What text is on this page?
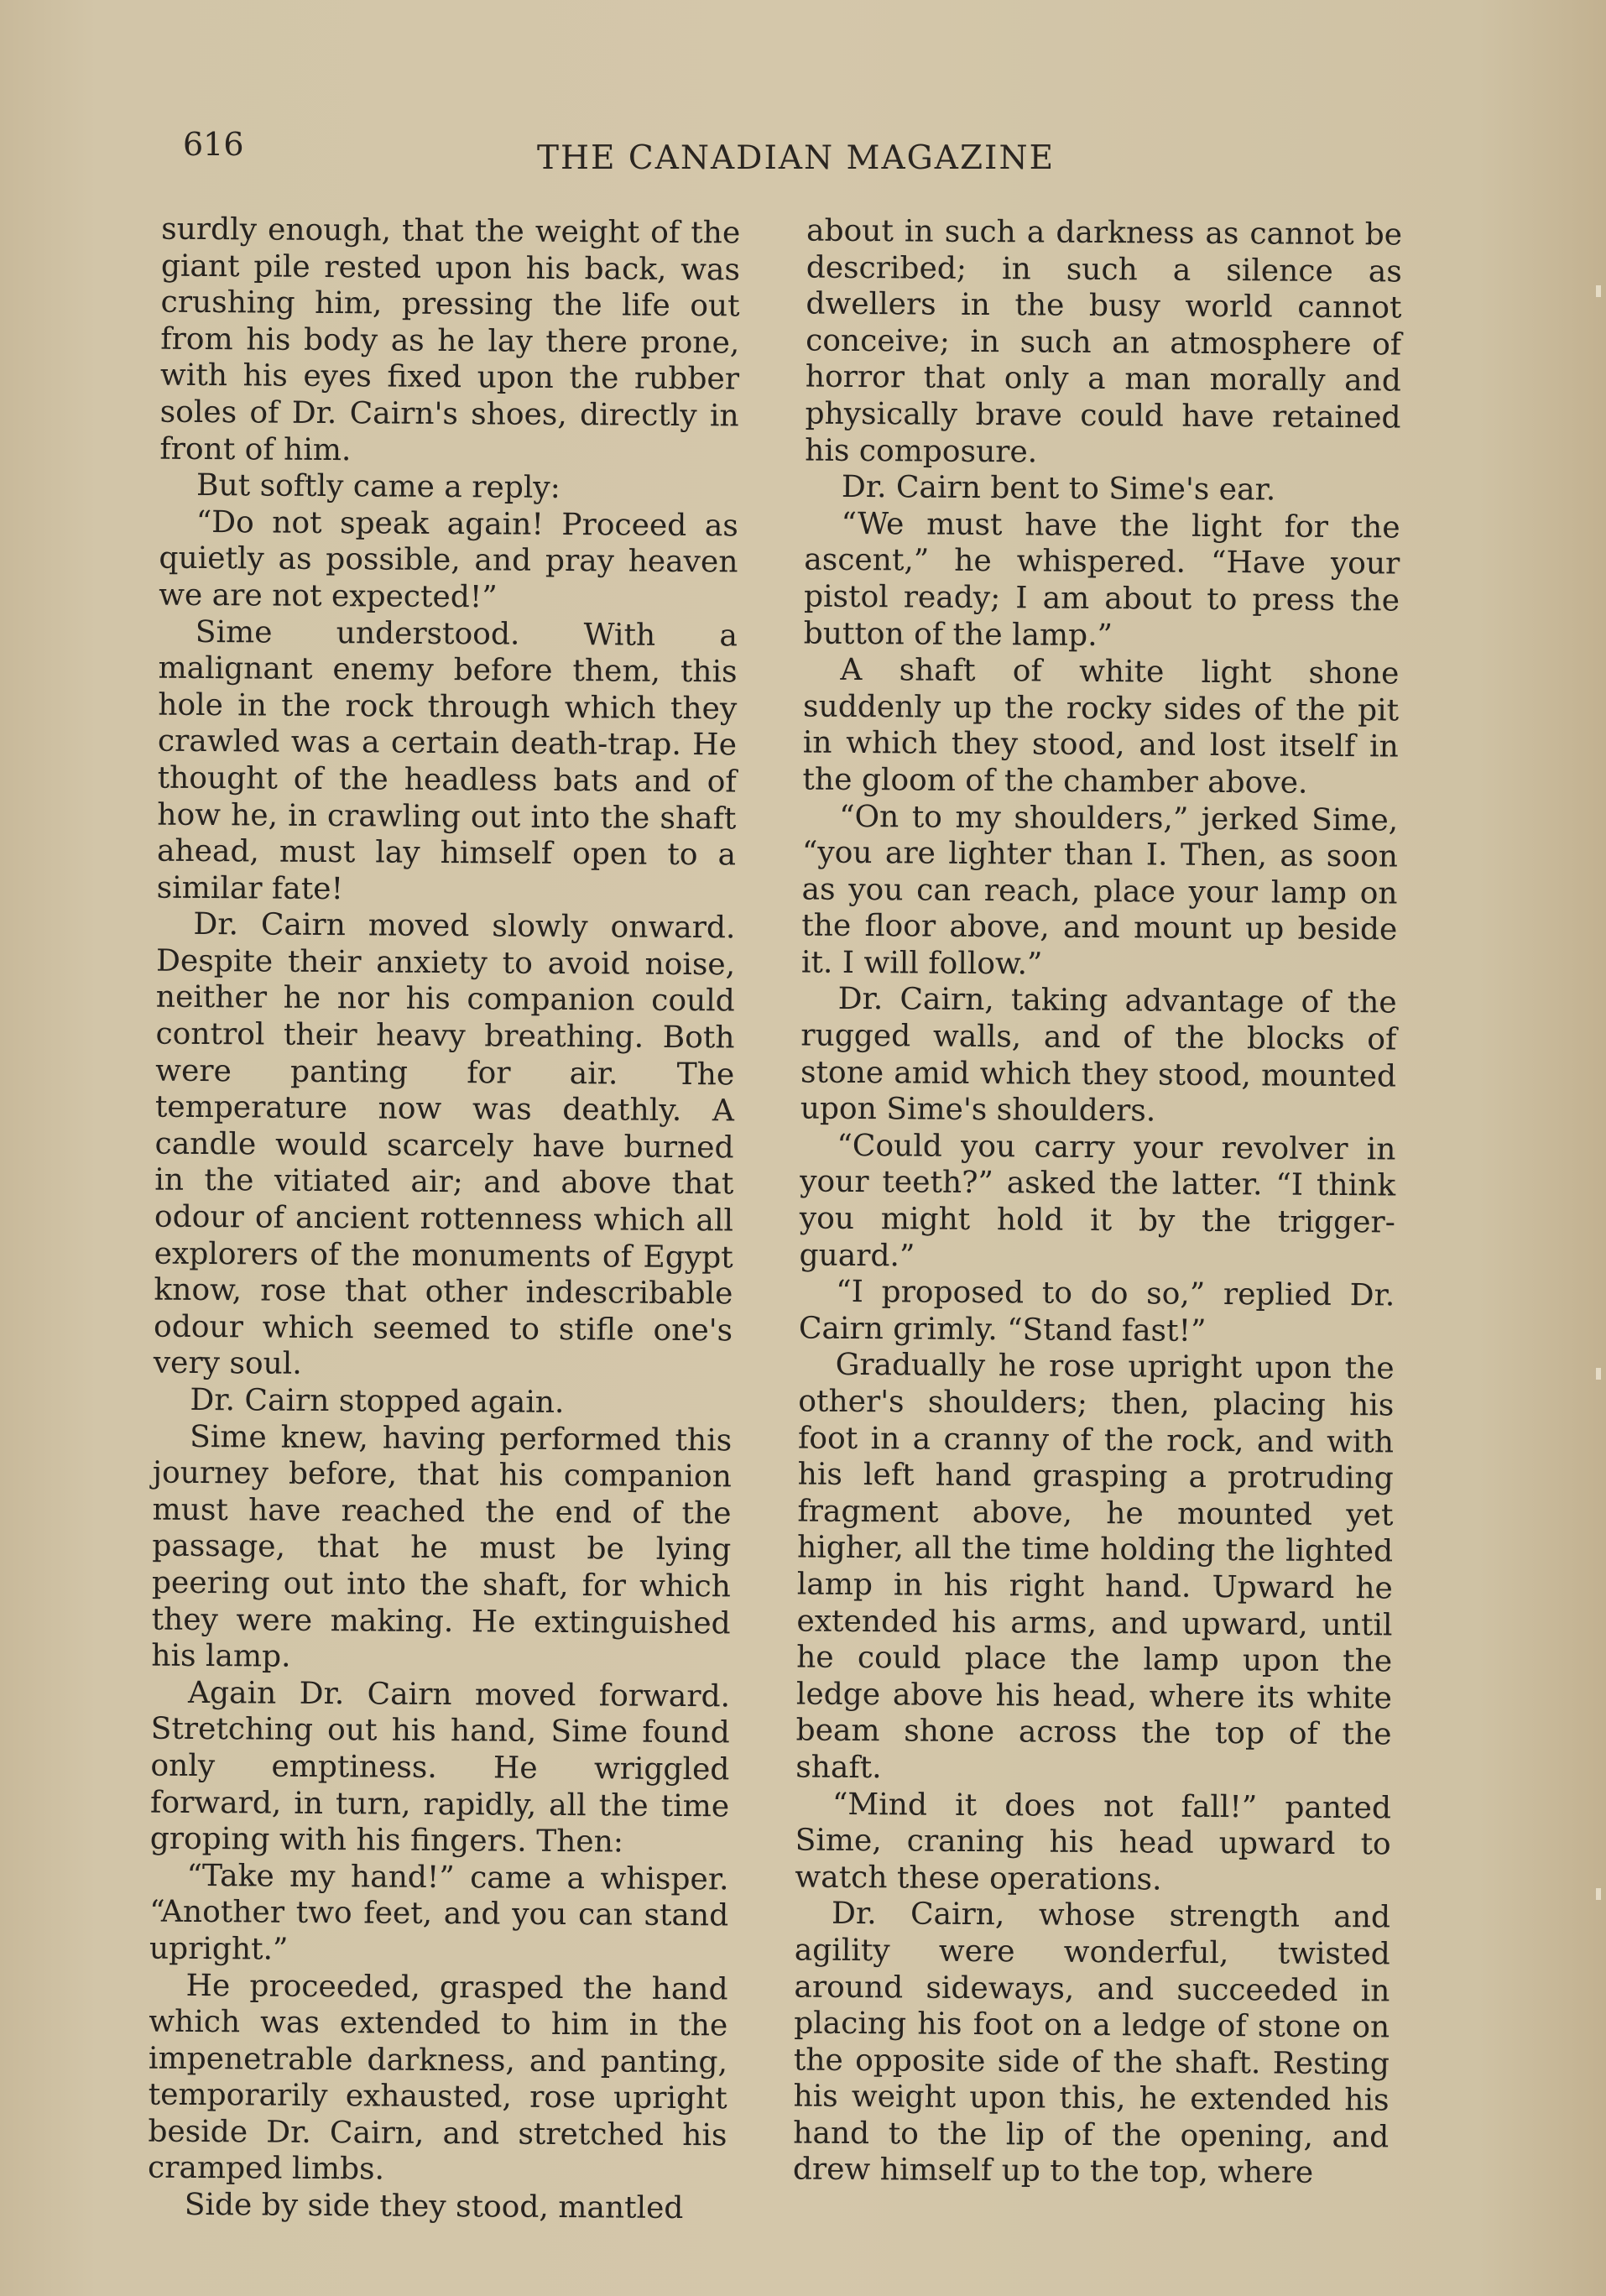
616	THE CANADIAN MAGAZINE

surdly enough, that the weight of the giant pile rested upon his back, was crushing him, pressing the life out from his body as he lay there prone, with his eyes fixed upon the rubber soles of Dr. Cairn's shoes, directly in front of him.

But softly came a reply:

“Do not speak again! Proceed as quietly as possible, and pray heaven we are not expected!”

Sime understood. With a malignant enemy before them, this hole in the rock through which they crawled was a certain death-trap. He thought of the headless bats and of how he, in crawling out into the shaft ahead, must lay himself open to a similar fate!

Dr. Cairn moved slowly onward. Despite their anxiety to avoid noise, neither he nor his companion could control their heavy breathing. Both were panting for air. The temperature now was deathly. A candle would scarcely have burned in the vitiated air; and above that odour of ancient rottenness which all explorers of the monuments of Egypt know, rose that other indescribable odour which seemed to stifle one's very soul.

Dr. Cairn stopped again.

Sime knew, having performed this journey before, that his companion must have reached the end of the passage, that he must be lying peering out into the shaft, for which they were making. He extinguished his lamp.

Again Dr. Cairn moved forward. Stretching out his hand, Sime found only emptiness. He wriggled forward, in turn, rapidly, all the time groping with his fingers. Then:

“Take my hand!” came a whisper. “Another two feet, and you can stand upright.”

He proceeded, grasped the hand which was extended to him in the impenetrable darkness, and panting, temporarily exhausted, rose upright beside Dr. Cairn, and stretched his cramped limbs.

Side by side they stood, mantled

about in such a darkness as cannot be described; in such a silence as dwellers in the busy world cannot conceive; in such an atmosphere of horror that only a man morally and physically brave could have retained his composure.

Dr. Cairn bent to Sime's ear.

“We must have the light for the ascent,” he whispered. “Have your pistol ready; I am about to press the button of the lamp.”

A shaft of white light shone suddenly up the rocky sides of the pit in which they stood, and lost itself in the gloom of the chamber above.

“On to my shoulders,” jerked Sime, “you are lighter than I. Then, as soon as you can reach, place your lamp on the floor above, and mount up beside it. I will follow.”

Dr. Cairn, taking advantage of the rugged walls, and of the blocks of stone amid which they stood, mounted upon Sime's shoulders.

“Could you carry your revolver in your teeth?” asked the latter. “I think you might hold it by the trigger-guard.”

“I proposed to do so,” replied Dr. Cairn grimly. “Stand fast!”

Gradually he rose upright upon the other's shoulders; then, placing his foot in a cranny of the rock, and with his left hand grasping a protruding fragment above, he mounted yet higher, all the time holding the lighted lamp in his right hand. Upward he extended his arms, and upward, until he could place the lamp upon the ledge above his head, where its white beam shone across the top of the shaft.

“Mind it does not fall!” panted Sime, craning his head upward to watch these operations.

Dr. Cairn, whose strength and agility were wonderful, twisted around sideways, and succeeded in placing his foot on a ledge of stone on the opposite side of the shaft. Resting his weight upon this, he extended his hand to the lip of the opening, and drew himself up to the top, where
